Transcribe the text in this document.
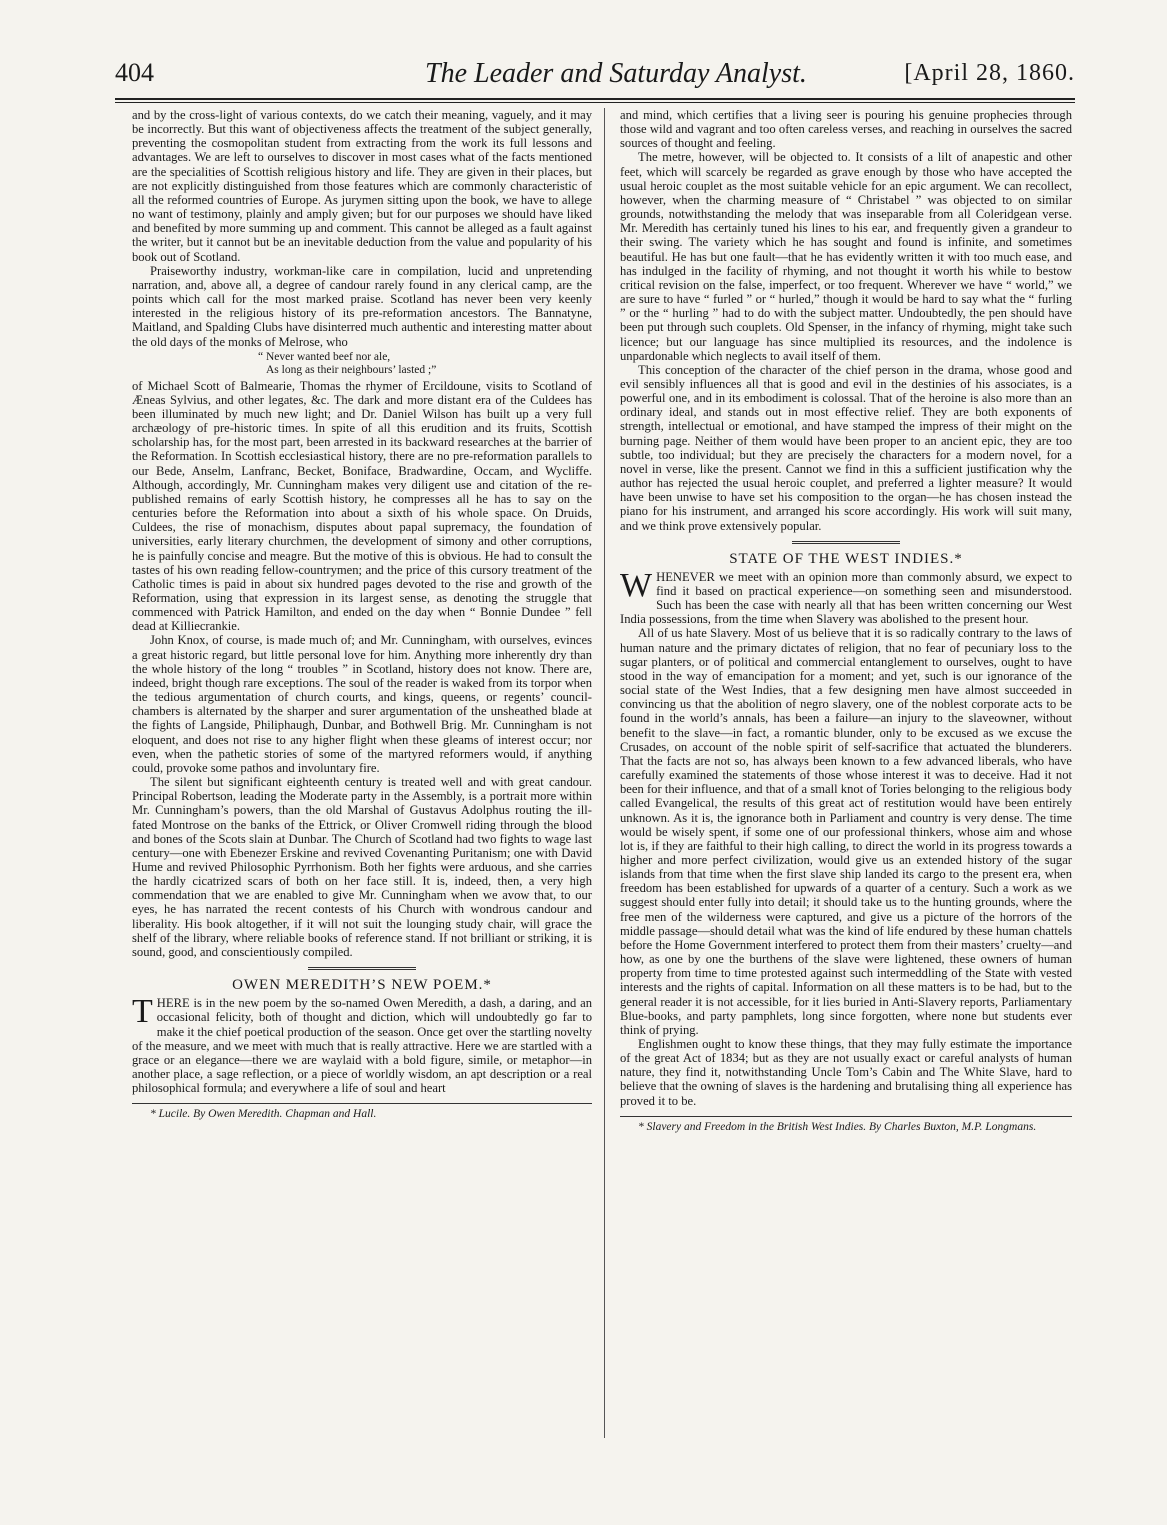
404	The Leader and Saturday Analyst.	[April 28, 1860.

and by the cross-light of various contexts, do we catch their meaning, vaguely, and it may be incorrectly. But this want of objectiveness affects the treatment of the subject generally, preventing the cosmopolitan student from extracting from the work its full lessons and advantages. We are left to ourselves to discover in most cases what of the facts mentioned are the specialities of Scottish religious history and life. They are given in their places, but are not explicitly distinguished from those features which are commonly characteristic of all the reformed countries of Europe. As jurymen sitting upon the book, we have to allege no want of testimony, plainly and amply given; but for our purposes we should have liked and benefited by more summing up and comment. This cannot be alleged as a fault against the writer, but it cannot but be an inevitable deduction from the value and popularity of his book out of Scotland.

Praiseworthy industry, workman-like care in compilation, lucid and unpretending narration, and, above all, a degree of candour rarely found in any clerical camp, are the points which call for the most marked praise. Scotland has never been very keenly interested in the religious history of its pre-reformation ancestors. The Bannatyne, Maitland, and Spalding Clubs have disinterred much authentic and interesting matter about the old days of the monks of Melrose, who

“ Never wanted beef nor ale,
As long as their neighbours’ lasted ;”

of Michael Scott of Balmearie, Thomas the rhymer of Ercildoune, visits to Scotland of Æneas Sylvius, and other legates, &c. The dark and more distant era of the Culdees has been illuminated by much new light; and Dr. Daniel Wilson has built up a very full archæology of pre-historic times. In spite of all this erudition and its fruits, Scottish scholarship has, for the most part, been arrested in its backward researches at the barrier of the Reformation. In Scottish ecclesiastical history, there are no pre-reformation parallels to our Bede, Anselm, Lanfranc, Becket, Boniface, Bradwardine, Occam, and Wycliffe. Although, accordingly, Mr. Cunningham makes very diligent use and citation of the re-published remains of early Scottish history, he compresses all he has to say on the centuries before the Reformation into about a sixth of his whole space. On Druids, Culdees, the rise of monachism, disputes about papal supremacy, the foundation of universities, early literary churchmen, the development of simony and other corruptions, he is painfully concise and meagre. But the motive of this is obvious. He had to consult the tastes of his own reading fellow-countrymen; and the price of this cursory treatment of the Catholic times is paid in about six hundred pages devoted to the rise and growth of the Reformation, using that expression in its largest sense, as denoting the struggle that commenced with Patrick Hamilton, and ended on the day when “ Bonnie Dundee ” fell dead at Killiecrankie.

John Knox, of course, is made much of; and Mr. Cunningham, with ourselves, evinces a great historic regard, but little personal love for him. Anything more inherently dry than the whole history of the long “ troubles ” in Scotland, history does not know. There are, indeed, bright though rare exceptions. The soul of the reader is waked from its torpor when the tedious argumentation of church courts, and kings, queens, or regents’ council-chambers is alternated by the sharper and surer argumentation of the unsheathed blade at the fights of Langside, Philiphaugh, Dunbar, and Bothwell Brig. Mr. Cunningham is not eloquent, and does not rise to any higher flight when these gleams of interest occur; nor even, when the pathetic stories of some of the martyred reformers would, if anything could, provoke some pathos and involuntary fire.

The silent but significant eighteenth century is treated well and with great candour. Principal Robertson, leading the Moderate party in the Assembly, is a portrait more within Mr. Cunningham’s powers, than the old Marshal of Gustavus Adolphus routing the ill-fated Montrose on the banks of the Ettrick, or Oliver Cromwell riding through the blood and bones of the Scots slain at Dunbar. The Church of Scotland had two fights to wage last century—one with Ebenezer Erskine and revived Covenanting Puritanism; one with David Hume and revived Philosophic Pyrrhonism. Both her fights were arduous, and she carries the hardly cicatrized scars of both on her face still. It is, indeed, then, a very high commendation that we are enabled to give Mr. Cunningham when we avow that, to our eyes, he has narrated the recent contests of his Church with wondrous candour and liberality. His book altogether, if it will not suit the lounging study chair, will grace the shelf of the library, where reliable books of reference stand. If not brilliant or striking, it is sound, good, and conscientiously compiled.

OWEN MEREDITH’S NEW POEM.*

THERE is in the new poem by the so-named Owen Meredith, a dash, a daring, and an occasional felicity, both of thought and diction, which will undoubtedly go far to make it the chief poetical production of the season. Once get over the startling novelty of the measure, and we meet with much that is really attractive. Here we are startled with a grace or an elegance—there we are waylaid with a bold figure, simile, or metaphor—in another place, a sage reflection, or a piece of worldly wisdom, an apt description or a real philosophical formula; and everywhere a life of soul and heart

* Lucile. By Owen Meredith. Chapman and Hall.

and mind, which certifies that a living seer is pouring his genuine prophecies through those wild and vagrant and too often careless verses, and reaching in ourselves the sacred sources of thought and feeling.

The metre, however, will be objected to. It consists of a lilt of anapestic and other feet, which will scarcely be regarded as grave enough by those who have accepted the usual heroic couplet as the most suitable vehicle for an epic argument. We can recollect, however, when the charming measure of “ Christabel ” was objected to on similar grounds, notwithstanding the melody that was inseparable from all Coleridgean verse. Mr. Meredith has certainly tuned his lines to his ear, and frequently given a grandeur to their swing. The variety which he has sought and found is infinite, and sometimes beautiful. He has but one fault—that he has evidently written it with too much ease, and has indulged in the facility of rhyming, and not thought it worth his while to bestow critical revision on the false, imperfect, or too frequent. Wherever we have “ world,” we are sure to have “ furled ” or “ hurled,” though it would be hard to say what the “ furling ” or the “ hurling ” had to do with the subject matter. Undoubtedly, the pen should have been put through such couplets. Old Spenser, in the infancy of rhyming, might take such licence; but our language has since multiplied its resources, and the indolence is unpardonable which neglects to avail itself of them.

This conception of the character of the chief person in the drama, whose good and evil sensibly influences all that is good and evil in the destinies of his associates, is a powerful one, and in its embodiment is colossal. That of the heroine is also more than an ordinary ideal, and stands out in most effective relief. They are both exponents of strength, intellectual or emotional, and have stamped the impress of their might on the burning page. Neither of them would have been proper to an ancient epic, they are too subtle, too individual; but they are precisely the characters for a modern novel, for a novel in verse, like the present. Cannot we find in this a sufficient justification why the author has rejected the usual heroic couplet, and preferred a lighter measure? It would have been unwise to have set his composition to the organ—he has chosen instead the piano for his instrument, and arranged his score accordingly. His work will suit many, and we think prove extensively popular.

STATE OF THE WEST INDIES.*

WHENEVER we meet with an opinion more than commonly absurd, we expect to find it based on practical experience—on something seen and misunderstood. Such has been the case with nearly all that has been written concerning our West India possessions, from the time when Slavery was abolished to the present hour.

All of us hate Slavery. Most of us believe that it is so radically contrary to the laws of human nature and the primary dictates of religion, that no fear of pecuniary loss to the sugar planters, or of political and commercial entanglement to ourselves, ought to have stood in the way of emancipation for a moment; and yet, such is our ignorance of the social state of the West Indies, that a few designing men have almost succeeded in convincing us that the abolition of negro slavery, one of the noblest corporate acts to be found in the world’s annals, has been a failure—an injury to the slaveowner, without benefit to the slave—in fact, a romantic blunder, only to be excused as we excuse the Crusades, on account of the noble spirit of self-sacrifice that actuated the blunderers. That the facts are not so, has always been known to a few advanced liberals, who have carefully examined the statements of those whose interest it was to deceive. Had it not been for their influence, and that of a small knot of Tories belonging to the religious body called Evangelical, the results of this great act of restitution would have been entirely unknown. As it is, the ignorance both in Parliament and country is very dense. The time would be wisely spent, if some one of our professional thinkers, whose aim and whose lot is, if they are faithful to their high calling, to direct the world in its progress towards a higher and more perfect civilization, would give us an extended history of the sugar islands from that time when the first slave ship landed its cargo to the present era, when freedom has been established for upwards of a quarter of a century. Such a work as we suggest should enter fully into detail; it should take us to the hunting grounds, where the free men of the wilderness were captured, and give us a picture of the horrors of the middle passage—should detail what was the kind of life endured by these human chattels before the Home Government interfered to protect them from their masters’ cruelty—and how, as one by one the burthens of the slave were lightened, these owners of human property from time to time protested against such intermeddling of the State with vested interests and the rights of capital. Information on all these matters is to be had, but to the general reader it is not accessible, for it lies buried in Anti-Slavery reports, Parliamentary Blue-books, and party pamphlets, long since forgotten, where none but students ever think of prying.

Englishmen ought to know these things, that they may fully estimate the importance of the great Act of 1834; but as they are not usually exact or careful analysts of human nature, they find it, notwithstanding Uncle Tom’s Cabin and The White Slave, hard to believe that the owning of slaves is the hardening and brutalising thing all experience has proved it to be.

* Slavery and Freedom in the British West Indies. By Charles Buxton, M.P. Longmans.
